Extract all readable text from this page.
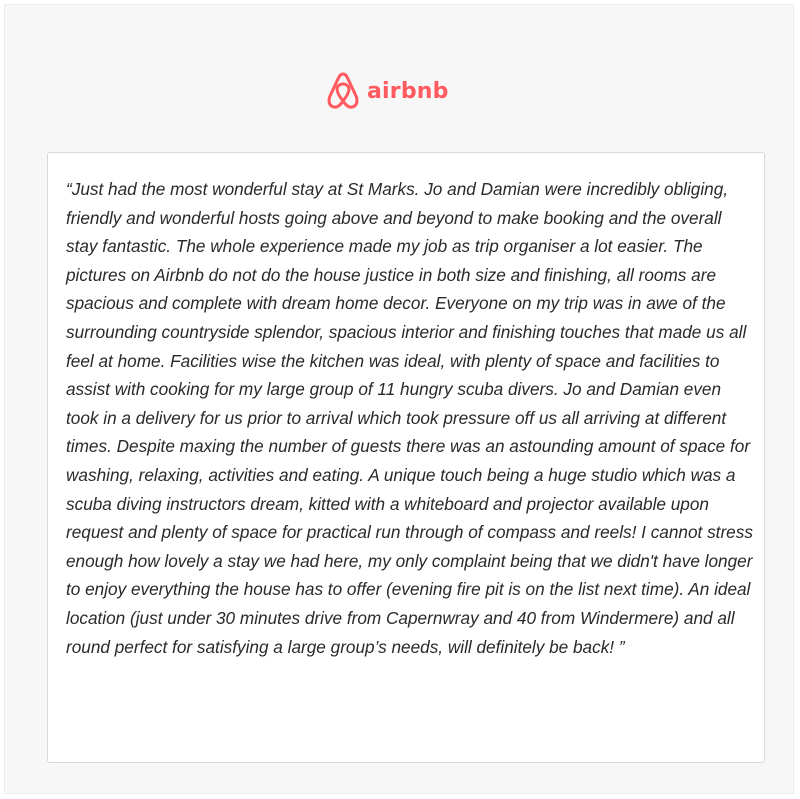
airbnb

“Just had the most wonderful stay at St Marks. Jo and Damian were incredibly obliging, friendly and wonderful hosts going above and beyond to make booking and the overall stay fantastic. The whole experience made my job as trip organiser a lot easier. The pictures on Airbnb do not do the house justice in both size and finishing, all rooms are spacious and complete with dream home decor. Everyone on my trip was in awe of the surrounding countryside splendor, spacious interior and finishing touches that made us all feel at home. Facilities wise the kitchen was ideal, with plenty of space and facilities to assist with cooking for my large group of 11 hungry scuba divers. Jo and Damian even took in a delivery for us prior to arrival which took pressure off us all arriving at different times. Despite maxing the number of guests there was an astounding amount of space for washing, relaxing, activities and eating. A unique touch being a huge studio which was a scuba diving instructors dream, kitted with a whiteboard and projector available upon request and plenty of space for practical run through of compass and reels! I cannot stress enough how lovely a stay we had here, my only complaint being that we didn't have longer to enjoy everything the house has to offer (evening fire pit is on the list next time). An ideal location (just under 30 minutes drive from Capernwray and 40 from Windermere) and all round perfect for satisfying a large group’s needs, will definitely be back! ”
